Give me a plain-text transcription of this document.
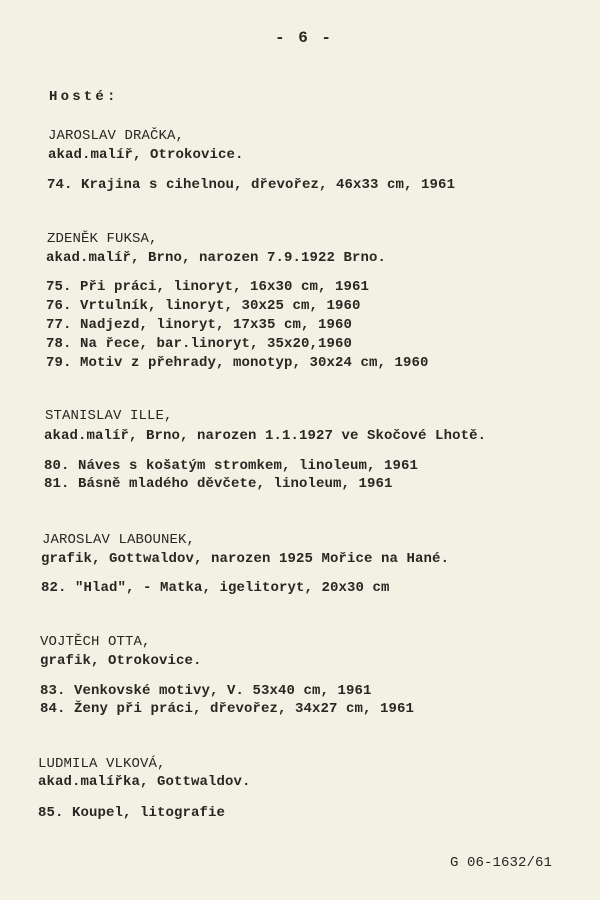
- 6 -
Hosté:
JAROSLAV DRAČKA,
akad.malíř, Otrokovice.
74. Krajina s cihelnou, dřevořez, 46x33 cm, 1961
ZDENĚK FUKSA,
akad.malíř, Brno, narozen 7.9.1922 Brno.
75. Při práci, linoryt, 16x30 cm, 1961
76. Vrtulník, linoryt, 30x25 cm, 1960
77. Nadjezd, linoryt, 17x35 cm, 1960
78. Na řece, bar.linoryt, 35x20,1960
79. Motiv z přehrady, monotyp, 30x24 cm, 1960
STANISLAV ILLE,
akad.malíř, Brno, narozen 1.1.1927 ve Skočové Lhotě.
80. Náves s košatým stromkem, linoleum, 1961
81. Básně mladého děvčete, linoleum, 1961
JAROSLAV LABOUNEK,
grafik, Gottwaldov, narozen 1925 Mořice na Hané.
82. "Hlad", - Matka, igelitoryt, 20x30 cm
VOJTĚCH OTTA,
grafik, Otrokovice.
83. Venkovské motivy, V. 53x40 cm, 1961
84. Ženy při práci, dřevořez, 34x27 cm, 1961
LUDMILA VLKOVÁ,
akad.malířka, Gottwaldov.
85. Koupel, litografie
G 06-1632/61
